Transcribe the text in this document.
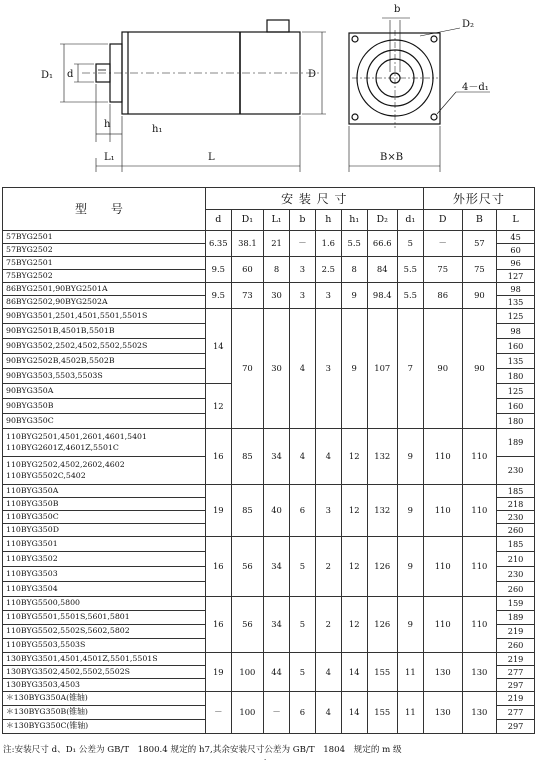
D₁ d	D
h	h₁
L₁	L
b
D₂
4－d₁
B×B
型 号	安 装 尺 寸								外形尺寸		
	d	D₁	L₁	b	h	h₁	D₂	d₁	D	B	L
57BYG2501	6.35	38.1	21	－	1.6	5.5	66.6	5	－	57	45
57BYG2502											60
75BYG2501	9.5	60	8	3	2.5	8	84	5.5	75	75	96
75BYG2502											127
86BYG2501,90BYG2501A	9.5	73	30	3	3	9	98.4	5.5	86	90	98
86BYG2502,90BYG2502A											135
90BYG3501,2501,4501,5501,5501S	14	70	30	4	3	9	107	7	90	90	125
90BYG2501B,4501B,5501B											98
90BYG3502,2502,4502,5502,5502S											160
90BYG2502B,4502B,5502B											135
90BYG3503,5503,5503S											180
90BYG350A	12										125
90BYG350B											160
90BYG350C											180
110BYG2501,4501,2601,4601,5401
110BYG2601Z,4601Z,5501C	16	85	34	4	4	12	132	9	110	110	189
110BYG2502,4502,2602,4602
110BYG5502C,5402											230
110BYG350A	19	85	40	6	3	12	132	9	110	110	185
110BYG350B											218
110BYG350C											230
110BYG350D											260
110BYG3501	16	56	34	5	2	12	126	9	110	110	185
110BYG3502											210
110BYG3503											230
110BYG3504											260
110BYG5500,5800	16	56	34	5	2	12	126	9	110	110	159
110BYG5501,5501S,5601,5801											189
110BYG5502,5502S,5602,5802											219
110BYG5503,5503S											260
130BYG3501,4501,4501Z,5501,5501S	19	100	44	5	4	14	155	11	130	130	219
130BYG3502,4502,5502,5502S											277
130BYG3503,4503											297
＊130BYG350A(锥轴)	－	100	－	6	4	14	155	11	130	130	219
＊130BYG350B(锥轴)											277
＊130BYG350C(锥轴)											297
注:安装尺寸 d、D₁ 公差为 GB/T　1800.4 规定的 h7,其余安装尺寸公差为 GB/T　1804　规定的 m 级
·
